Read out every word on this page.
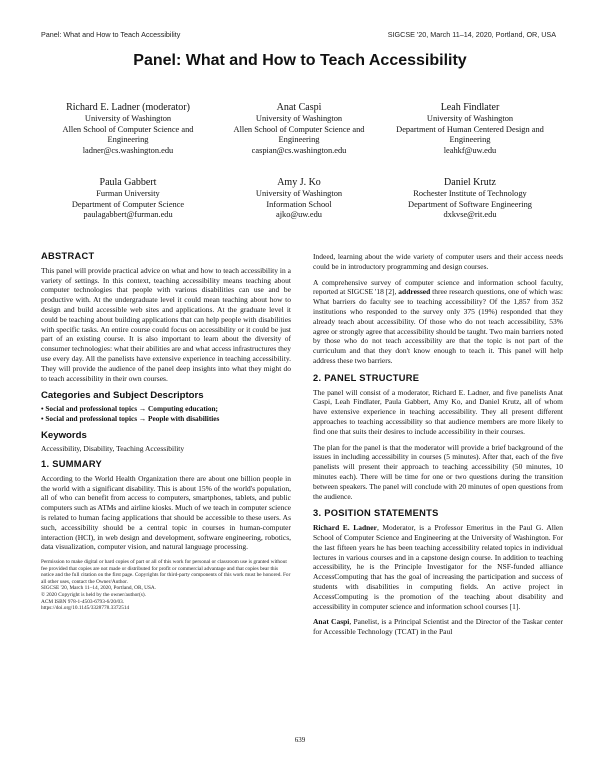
Panel: What and How to Teach Accessibility	SIGCSE '20, March 11–14, 2020, Portland, OR, USA
Panel: What and How to Teach Accessibility
Richard E. Ladner (moderator)
University of Washington
Allen School of Computer Science and Engineering
ladner@cs.washington.edu
Anat Caspi
University of Washington
Allen School of Computer Science and Engineering
caspian@cs.washington.edu
Leah Findlater
University of Washington
Department of Human Centered Design and Engineering
leahkf@uw.edu
Paula Gabbert
Furman University
Department of Computer Science
paulagabbert@furman.edu
Amy J. Ko
University of Washington
Information School
ajko@uw.edu
Daniel Krutz
Rochester Institute of Technology
Department of Software Engineering
dxkvse@rit.edu
ABSTRACT

This panel will provide practical advice on what and how to teach accessibility in a variety of settings. In this context, teaching accessibility means teaching about computer technologies that people with various disabilities can use and be productive with. At the undergraduate level it could mean teaching about how to design and build accessible web sites and applications. At the graduate level it could be teaching about building applications that can help people with disabilities with specific tasks. An entire course could focus on accessibility or it could be just part of an existing course. It is also important to learn about the diversity of consumer technologies: what their abilities are and what access infrastructures they use every day. All the panelists have extensive experience in teaching accessibility. They will provide the audience of the panel deep insights into what they might do to teach accessibility in their own courses.

Categories and Subject Descriptors
• Social and professional topics → Computing education;
• Social and professional topics → People with disabilities
Keywords

Accessibility, Disability, Teaching Accessibility

1. SUMMARY

According to the World Health Organization there are about one billion people in the world with a significant disability. This is about 15% of the world's population, all of who can benefit from access to computers, smartphones, tablets, and public computers such as ATMs and airline kiosks. Much of we teach in computer science is related to human facing applications that should be accessible to these users. As such, accessibility should be a central topic in courses in human-computer interaction (HCI), in web design and development, software engineering, robotics, data visualization, computer vision, and natural language processing.

Permission to make digital or hard copies of part or all of this work for personal or classroom use is granted without fee provided that copies are not made or distributed for profit or commercial advantage and that copies bear this notice and the full citation on the first page. Copyrights for third-party components of this work must be honored. For all other uses, contact the Owner/Author.
SIGCSE '20, March 11–14, 2020, Portland, OR, USA.
© 2020 Copyright is held by the owner/author(s).
ACM ISBN 978-1-4503-6793-6/20/03.
https://doi.org/10.1145/3328778.3372514

Indeed, learning about the wide variety of computer users and their access needs could be in introductory programming and design courses.

A comprehensive survey of computer science and information school faculty, reported at SIGCSE '18 [2], addressed three research questions, one of which was: What barriers do faculty see to teaching accessibility? Of the 1,857 from 352 institutions who responded to the survey only 375 (19%) responded that they already teach about accessibility. Of those who do not teach accessibility, 53% agree or strongly agree that accessibility should be taught. Two main barriers noted by those who do not teach accessibility are that the topic is not part of the curriculum and that they don't know enough to teach it. This panel will help address these two barriers.

2. PANEL STRUCTURE

The panel will consist of a moderator, Richard E. Ladner, and five panelists Anat Caspi, Leah Findlater, Paula Gabbert, Amy Ko, and Daniel Krutz, all of whom have extensive experience in teaching accessibility. They all present different approaches to teaching accessibility so that audience members are more likely to find one that suits their desires to include accessibility in their courses.

The plan for the panel is that the moderator will provide a brief background of the issues in including accessibility in courses (5 minutes). After that, each of the five panelists will present their approach to teaching accessibility (50 minutes, 10 minutes each). There will be time for one or two questions during the transition between speakers. The panel will conclude with 20 minutes of open questions from the audience.

3. POSITION STATEMENTS

Richard E. Ladner, Moderator, is a Professor Emeritus in the Paul G. Allen School of Computer Science and Engineering at the University of Washington. For the last fifteen years he has been teaching accessibility related topics in individual lectures in various courses and in a capstone design course. In addition to teaching accessibility, he is the Principle Investigator for the NSF-funded alliance AccessComputing that has the goal of increasing the participation and success of students with disabilities in computing fields. An active project in AccessComputing is the promotion of the teaching about disability and accessibility in computer science and information school courses [1].

Anat Caspi, Panelist, is a Principal Scientist and the Director of the Taskar center for Accessible Technology (TCAT) in the Paul

639
